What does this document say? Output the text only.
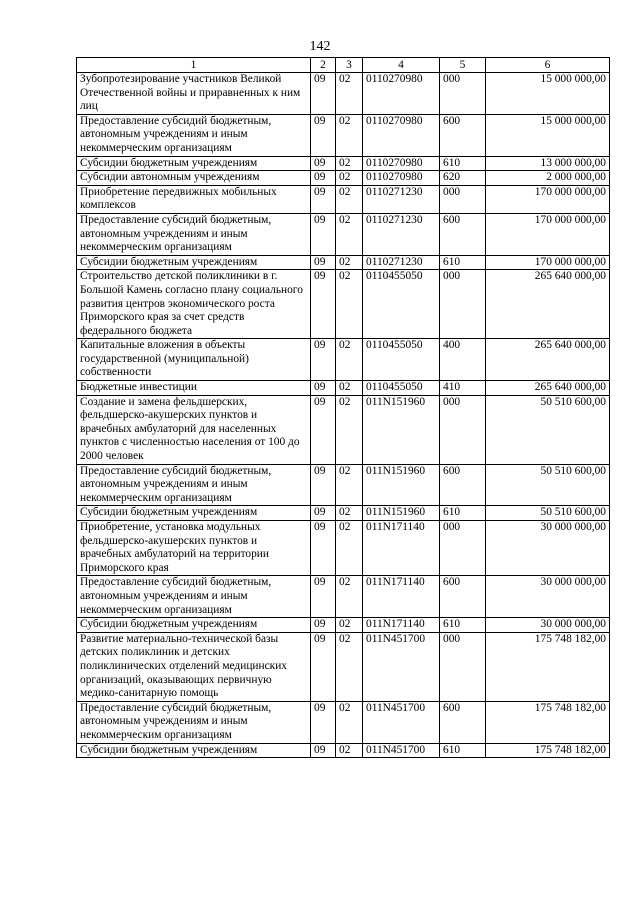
142
1	2	3	4	5	6
Зубопротезирование участников Великой Отечественной войны и приравненных к ним лиц	09	02	0110270980	000	15 000 000,00
Предоставление субсидий бюджетным, автономным учреждениям и иным некоммерческим организациям	09	02	0110270980	600	15 000 000,00
Субсидии бюджетным учреждениям	09	02	0110270980	610	13 000 000,00
Субсидии автономным учреждениям	09	02	0110270980	620	2 000 000,00
Приобретение передвижных мобильных комплексов	09	02	0110271230	000	170 000 000,00
Предоставление субсидий бюджетным, автономным учреждениям и иным некоммерческим организациям	09	02	0110271230	600	170 000 000,00
Субсидии бюджетным учреждениям	09	02	0110271230	610	170 000 000,00
Строительство детской поликлиники в г. Большой Камень согласно плану социального развития центров экономического роста Приморского края за счет средств федерального бюджета	09	02	0110455050	000	265 640 000,00
Капитальные вложения в объекты государственной (муниципальной) собственности	09	02	0110455050	400	265 640 000,00
Бюджетные инвестиции	09	02	0110455050	410	265 640 000,00
Создание и замена фельдшерских, фельдшерско-акушерских пунктов и врачебных амбулаторий для населенных пунктов с численностью населения от 100 до 2000 человек	09	02	011N151960	000	50 510 600,00
Предоставление субсидий бюджетным, автономным учреждениям и иным некоммерческим организациям	09	02	011N151960	600	50 510 600,00
Субсидии бюджетным учреждениям	09	02	011N151960	610	50 510 600,00
Приобретение, установка модульных фельдшерско-акушерских пунктов и врачебных амбулаторий на территории Приморского края	09	02	011N171140	000	30 000 000,00
Предоставление субсидий бюджетным, автономным учреждениям и иным некоммерческим организациям	09	02	011N171140	600	30 000 000,00
Субсидии бюджетным учреждениям	09	02	011N171140	610	30 000 000,00
Развитие материально-технической базы детских поликлиник и детских поликлинических отделений медицинских организаций, оказывающих первичную медико-санитарную помощь	09	02	011N451700	000	175 748 182,00
Предоставление субсидий бюджетным, автономным учреждениям и иным некоммерческим организациям	09	02	011N451700	600	175 748 182,00
Субсидии бюджетным учреждениям	09	02	011N451700	610	175 748 182,00
